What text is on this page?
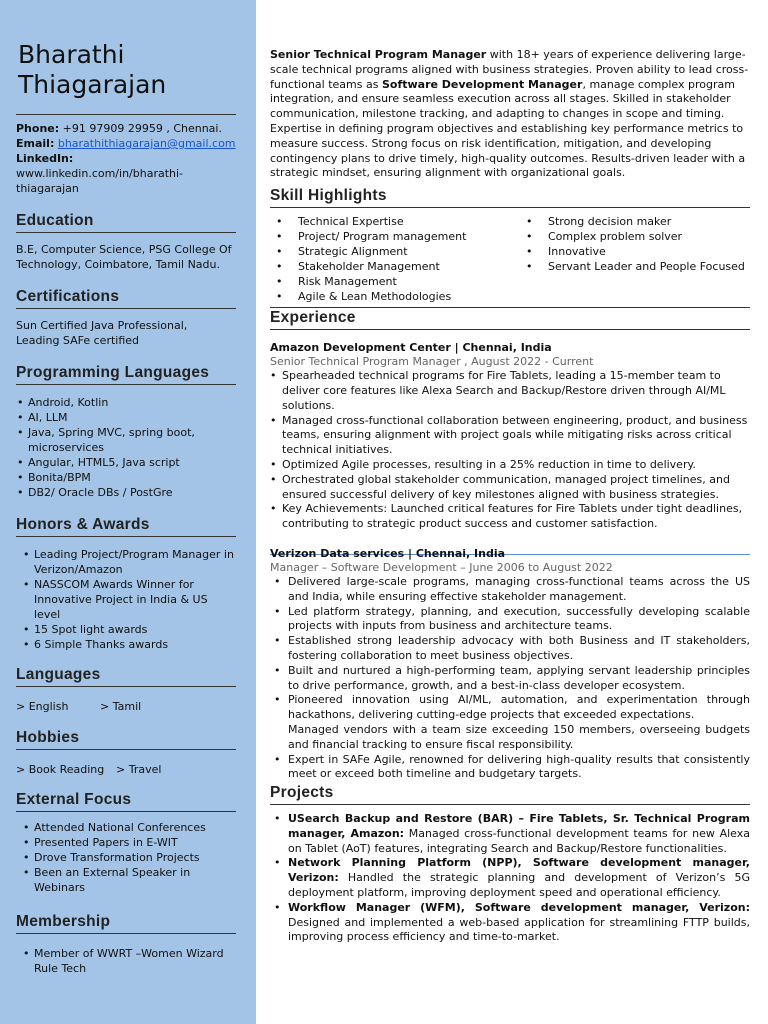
Bharathi
Thiagarajan
Phone: +91 97909 29959 , Chennai.
Email: bharathithiagarajan@gmail.com
LinkedIn: www.linkedin.com/in/bharathi-thiagarajan
Education
B.E, Computer Science, PSG College Of Technology, Coimbatore, Tamil Nadu.
Certifications
Sun Certified Java Professional,
Leading SAFe certified
Programming Languages
• Android, Kotlin
• AI, LLM
• Java, Spring MVC, spring boot, microservices
• Angular, HTML5, Java script
• Bonita/BPM
• DB2/ Oracle DBs / PostGre
Honors & Awards
• Leading Project/Program Manager in Verizon/Amazon
• NASSCOM Awards Winner for Innovative Project in India & US level
• 15 Spot light awards
• 6 Simple Thanks awards
Languages
> English	> Tamil
Hobbies
> Book Reading	> Travel
External Focus
• Attended National Conferences
• Presented Papers in E-WIT
• Drove Transformation Projects
• Been an External Speaker in Webinars
Membership
• Member of WWRT –Women Wizard Rule Tech
Senior Technical Program Manager with 18+ years of experience delivering large-scale technical programs aligned with business strategies. Proven ability to lead cross-functional teams as Software Development Manager, manage complex program integration, and ensure seamless execution across all stages. Skilled in stakeholder communication, milestone tracking, and adapting to changes in scope and timing. Expertise in defining program objectives and establishing key performance metrics to measure success. Strong focus on risk identification, mitigation, and developing contingency plans to drive timely, high-quality outcomes. Results-driven leader with a strategic mindset, ensuring alignment with organizational goals.
Skill Highlights
• Technical Expertise
• Project/ Program management
• Strategic Alignment
• Stakeholder Management
• Risk Management
• Agile & Lean Methodologies
• Strong decision maker
• Complex problem solver
• Innovative
• Servant Leader and People Focused
Experience
Amazon Development Center | Chennai, India
Senior Technical Program Manager , August 2022 - Current
• Spearheaded technical programs for Fire Tablets, leading a 15-member team to deliver core features like Alexa Search and Backup/Restore driven through AI/ML solutions.
• Managed cross-functional collaboration between engineering, product, and business teams, ensuring alignment with project goals while mitigating risks across critical technical initiatives.
• Optimized Agile processes, resulting in a 25% reduction in time to delivery.
• Orchestrated global stakeholder communication, managed project timelines, and ensured successful delivery of key milestones aligned with business strategies.
• Key Achievements: Launched critical features for Fire Tablets under tight deadlines, contributing to strategic product success and customer satisfaction.
Verizon Data services | Chennai, India
Manager – Software Development – June 2006 to August 2022
• Delivered large-scale programs, managing cross-functional teams across the US and India, while ensuring effective stakeholder management.
• Led platform strategy, planning, and execution, successfully developing scalable projects with inputs from business and architecture teams.
• Established strong leadership advocacy with both Business and IT stakeholders, fostering collaboration to meet business objectives.
• Built and nurtured a high-performing team, applying servant leadership principles to drive performance, growth, and a best-in-class developer ecosystem.
• Pioneered innovation using AI/ML, automation, and experimentation through hackathons, delivering cutting-edge projects that exceeded expectations.
Managed vendors with a team size exceeding 150 members, overseeing budgets and financial tracking to ensure fiscal responsibility.
• Expert in SAFe Agile, renowned for delivering high-quality results that consistently meet or exceed both timeline and budgetary targets.
Projects
• USearch Backup and Restore (BAR) – Fire Tablets, Sr. Technical Program manager, Amazon: Managed cross-functional development teams for new Alexa on Tablet (AoT) features, integrating Search and Backup/Restore functionalities.
• Network Planning Platform (NPP), Software development manager, Verizon: Handled the strategic planning and development of Verizon’s 5G deployment platform, improving deployment speed and operational efficiency.
• Workflow Manager (WFM), Software development manager, Verizon: Designed and implemented a web-based application for streamlining FTTP builds, improving process efficiency and time-to-market.
